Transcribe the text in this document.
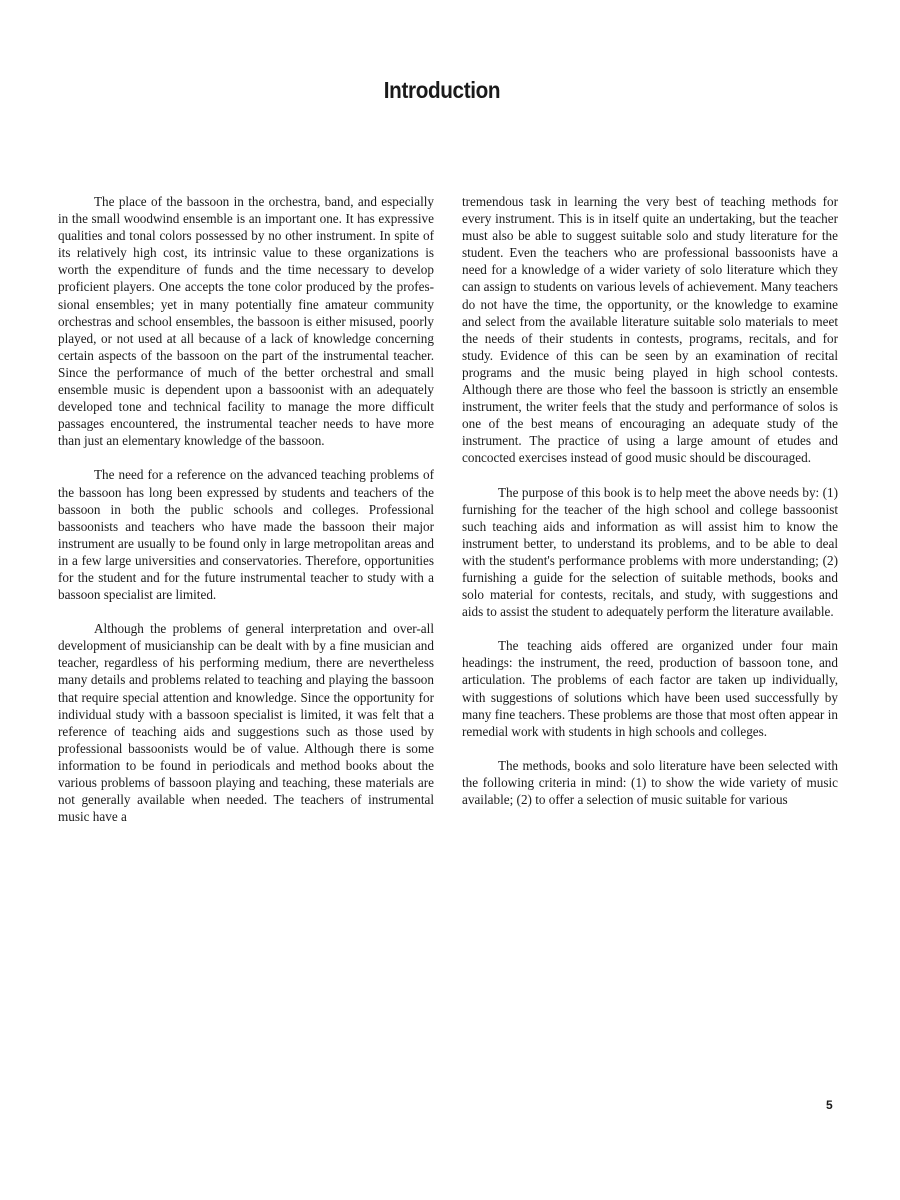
Introduction

The place of the bassoon in the orchestra, band, and especially in the small woodwind ensemble is an important one. It has expressive qualities and tonal colors possessed by no other instrument. In spite of its relatively high cost, its intrinsic value to these organizations is worth the expenditure of funds and the time necessary to develop proficient players. One accepts the tone color produced by the professional ensembles; yet in many potentially fine amateur community orchestras and school ensembles, the bassoon is either misused, poorly played, or not used at all because of a lack of knowledge concerning certain aspects of the bassoon on the part of the instrumental teacher. Since the performance of much of the better orchestral and small ensemble music is dependent upon a bassoonist with an adequately developed tone and technical facility to manage the more difficult passages encountered, the instrumental teacher needs to have more than just an elementary knowledge of the bassoon.

The need for a reference on the advanced teaching problems of the bassoon has long been expressed by students and teachers of the bassoon in both the public schools and colleges. Professional bassoonists and teachers who have made the bassoon their major instrument are usually to be found only in large metropolitan areas and in a few large universities and conservatories. Therefore, opportunities for the student and for the future instrumental teacher to study with a bassoon specialist are limited.

Although the problems of general interpretation and over-all development of musicianship can be dealt with by a fine musician and teacher, regardless of his performing medium, there are nevertheless many details and problems related to teaching and playing the bassoon that require special attention and knowledge. Since the opportunity for individual study with a bassoon specialist is limited, it was felt that a reference of teaching aids and suggestions such as those used by professional bassoonists would be of value. Although there is some information to be found in periodicals and method books about the various problems of bassoon playing and teaching, these materials are not generally available when needed. The teachers of instrumental music have a

tremendous task in learning the very best of teaching methods for every instrument. This is in itself quite an undertaking, but the teacher must also be able to suggest suitable solo and study literature for the student. Even the teachers who are professional bassoonists have a need for a knowledge of a wider variety of solo literature which they can assign to students on various levels of achievement. Many teachers do not have the time, the opportunity, or the knowledge to examine and select from the available literature suitable solo materials to meet the needs of their students in contests, programs, recitals, and for study. Evidence of this can be seen by an examination of recital programs and the music being played in high school contests. Although there are those who feel the bassoon is strictly an ensemble instrument, the writer feels that the study and performance of solos is one of the best means of encouraging an adequate study of the instrument. The practice of using a large amount of etudes and concocted exercises instead of good music should be discouraged.

The purpose of this book is to help meet the above needs by: (1) furnishing for the teacher of the high school and college bassoonist such teaching aids and information as will assist him to know the instrument better, to understand its problems, and to be able to deal with the student's performance problems with more understanding; (2) furnishing a guide for the selection of suitable methods, books and solo material for contests, recitals, and study, with suggestions and aids to assist the student to adequately perform the literature available.

The teaching aids offered are organized under four main headings: the instrument, the reed, production of bassoon tone, and articulation. The problems of each factor are taken up individually, with suggestions of solutions which have been used successfully by many fine teachers. These problems are those that most often appear in remedial work with students in high schools and colleges.

The methods, books and solo literature have been selected with the following criteria in mind: (1) to show the wide variety of music available; (2) to offer a selection of music suitable for various

5
